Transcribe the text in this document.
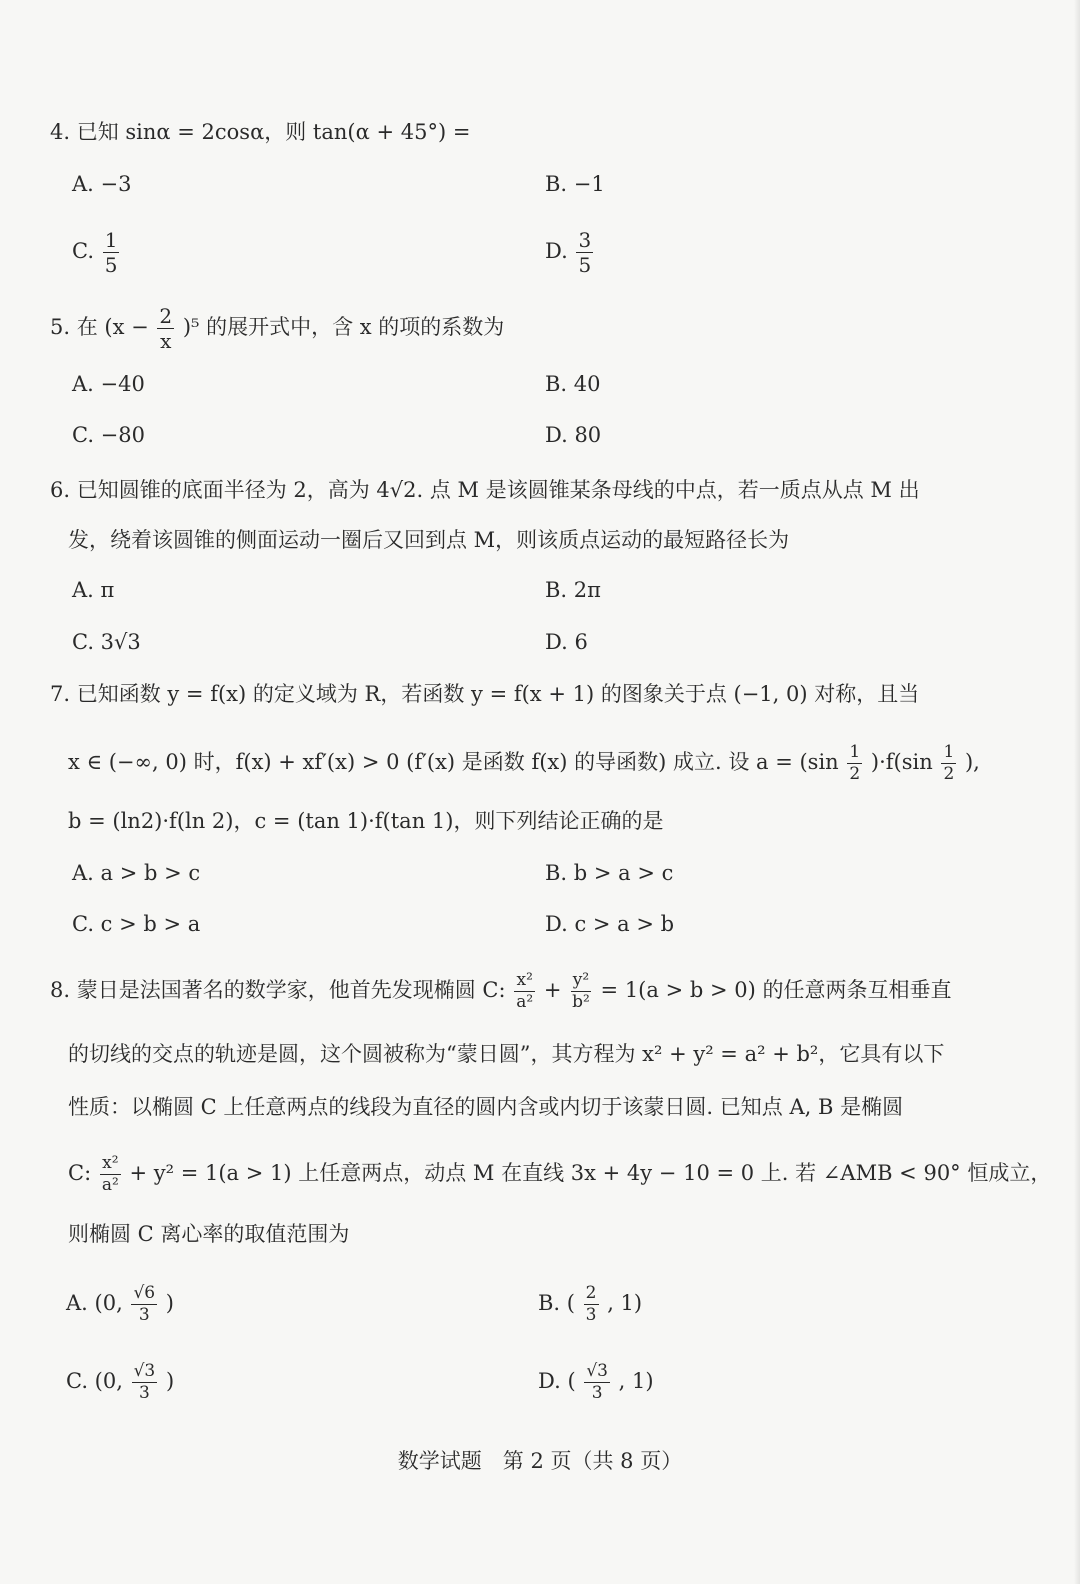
4. 已知 sinα = 2cosα，则 tan(α + 45°) =
A. −3	B. −1
C. $\frac{1}{5}$	D. $\frac{3}{5}$
5. 在 $(x - \frac{2}{x} )^5$ 的展开式中，含 x 的项的系数为
A. −40	B. 40
C. −80	D. 80
6. 已知圆锥的底面半径为 2，高为 4√2. 点 M 是该圆锥某条母线的中点，若一质点从点 M 出
发，绕着该圆锥的侧面运动一圈后又回到点 M，则该质点运动的最短路径长为
A. π	B. 2π
C. 3√3	D. 6
7. 已知函数 y = f(x) 的定义域为 R，若函数 y = f(x + 1) 的图象关于点 (−1, 0) 对称，且当
x ∈ (−∞, 0) 时，f(x) + xf′(x) > 0 (f′(x) 是函数 f(x) 的导函数) 成立. 设 $a = (\sin \frac{1}{2} )\cdot f(\sin \frac{1}{2}$ ),
b = (ln2)·f(ln 2)，c = (tan 1)·f(tan 1)，则下列结论正确的是
A. a > b > c	B. b > a > c
C. c > b > a	D. c > a > b
8. 蒙日是法国著名的数学家，他首先发现椭圆 C: $\frac{\text{x²}}{\text{a²}} + \frac{\text{y²}}{\text{b²}} = 1(a > b > 0)$ 的任意两条互相垂直
的切线的交点的轨迹是圆，这个圆被称为“蒙日圆”，其方程为 x² + y² = a² + b²，它具有以下
性质：以椭圆 C 上任意两点的线段为直径的圆内含或内切于该蒙日圆. 已知点 A, B 是椭圆
C: $\frac{\text{x²}}{\text{a²}} + y^2 = 1(a > 1)$ 上任意两点，动点 M 在直线 3x + 4y − 10 = 0 上. 若 ∠AMB < 90° 恒成立，
则椭圆 C 离心率的取值范围为
A. (0, $\frac{√6}{3}$ )	B. ( $\frac{2}{3}$ , 1)
C. (0, $\frac{√3}{3}$ )	D. ( $\frac{√3}{3}$ , 1)
数学试题　第 2 页（共 8 页）
